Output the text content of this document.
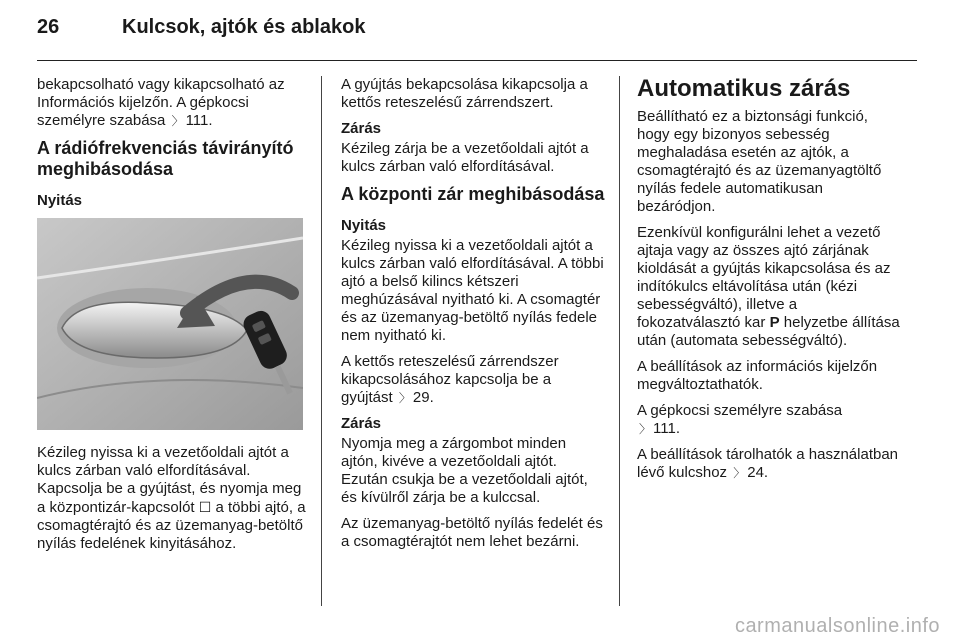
26	Kulcsok, ajtók és ablakok

bekapcsolható vagy kikapcsolható az Információs kijelzőn. A gépkocsi személyre szabása 〉 111.

A rádiófrekvenciás távirányító meghibásodása
Nyitás

Kézileg nyissa ki a vezetőoldali ajtót a kulcs zárban való elfordításával. Kapcsolja be a gyújtást, és nyomja meg a központizár-kapcsolót ☐ a többi ajtó, a csomagtérajtó és az üzemanyag-betöltő nyílás fedelének kinyitásához.

A gyújtás bekapcsolása kikapcsolja a kettős reteszelésű zárrendszert.

Zárás

Kézileg zárja be a vezetőoldali ajtót a kulcs zárban való elfordításával.

A központi zár meghibásodása
Nyitás

Kézileg nyissa ki a vezetőoldali ajtót a kulcs zárban való elfordításával. A többi ajtó a belső kilincs kétszeri meghúzásával nyitható ki. A csomagtér és az üzemanyag-betöltő nyílás fedele nem nyitható ki.

A kettős reteszelésű zárrendszer kikapcsolásához kapcsolja be a gyújtást 〉 29.

Zárás

Nyomja meg a zárgombot minden ajtón, kivéve a vezetőoldali ajtót. Ezután csukja be a vezetőoldali ajtót, és kívülről zárja be a kulccsal.

Az üzemanyag-betöltő nyílás fedelét és a csomagtérajtót nem lehet bezárni.

Automatikus zárás

Beállítható ez a biztonsági funkció, hogy egy bizonyos sebesség meghaladása esetén az ajtók, a csomagtérajtó és az üzemanyagtöltő nyílás fedele automatikusan bezáródjon.

Ezenkívül konfigurálni lehet a vezető ajtaja vagy az összes ajtó zárjának kioldását a gyújtás kikapcsolása és az indítókulcs eltávolítása után (kézi sebességváltó), illetve a fokozatválasztó kar P helyzetbe állítása után (automata sebességváltó).

A beállítások az információs kijelzőn megváltoztathatók.

A gépkocsi személyre szabása
〉 111.

A beállítások tárolhatók a használatban lévő kulcshoz 〉 24.

carmanualsonline.info
